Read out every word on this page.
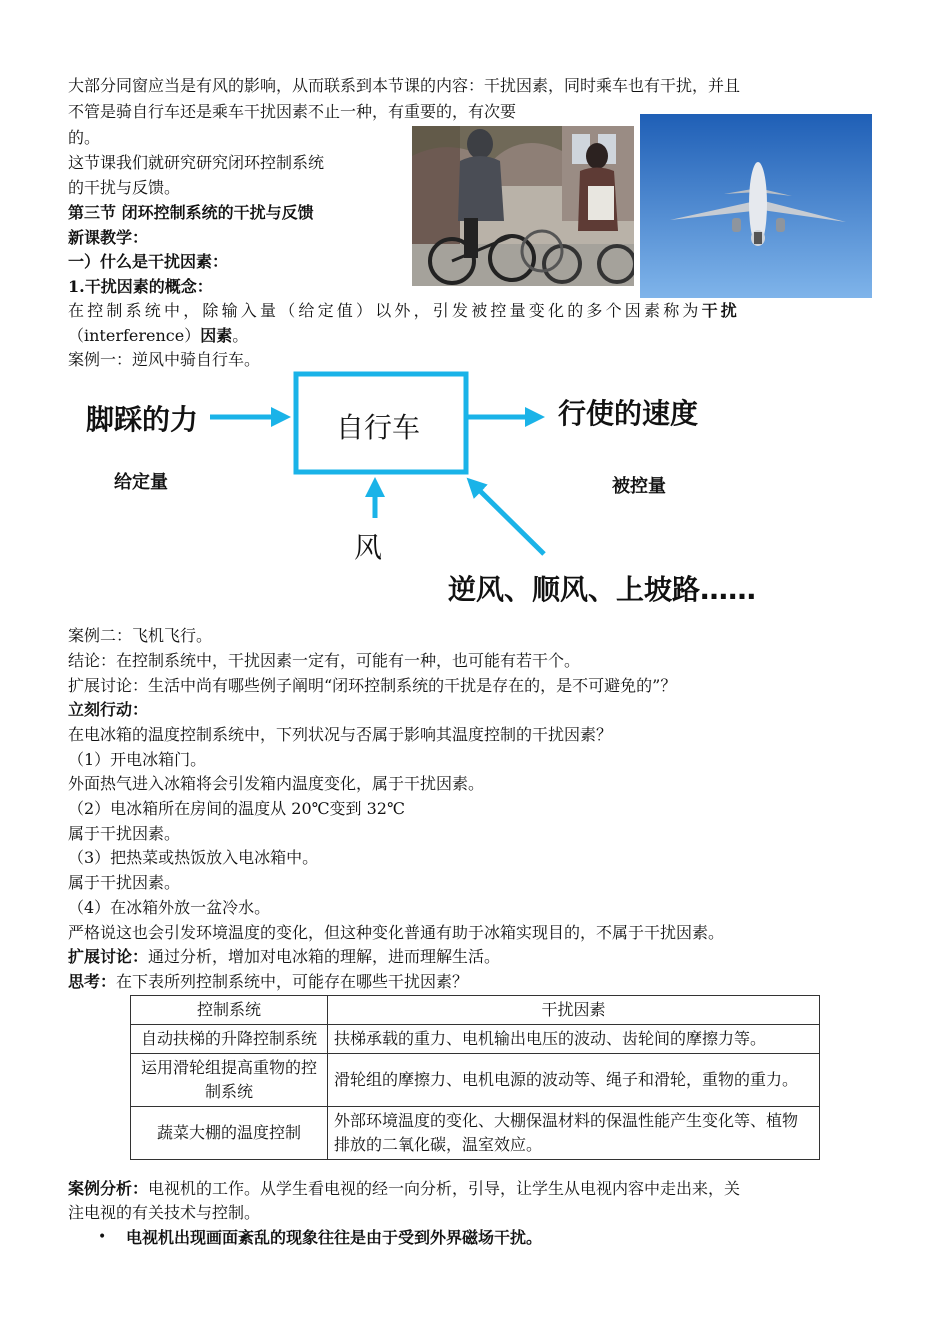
大部分同窗应当是有风的影响，从而联系到本节课的内容：干扰因素，同时乘车也有干扰，并且
不管是骑自行车还是乘车干扰因素不止一种，有重要的，有次要
的。
这节课我们就研究研究闭环控制系统
的干扰与反馈。
第三节 闭环控制系统的干扰与反馈
新课教学：
一）什么是干扰因素：
1.干扰因素的概念：
在控制系统中，除输入量（给定值）以外，引发被控量变化的多个因素称为干扰
（interference）因素。
案例一：逆风中骑自行车。
脚踩的力	自行车	行使的速度
给定量	被控量
风
逆风、顺风、上坡路……
案例二：飞机飞行。
结论：在控制系统中，干扰因素一定有，可能有一种，也可能有若干个。
扩展讨论：生活中尚有哪些例子阐明“闭环控制系统的干扰是存在的，是不可避免的”？
立刻行动：
在电冰箱的温度控制系统中，下列状况与否属于影响其温度控制的干扰因素？
（1）开电冰箱门。
外面热气进入冰箱将会引发箱内温度变化，属于干扰因素。
（2）电冰箱所在房间的温度从 20℃变到 32℃
属于干扰因素。
（3）把热菜或热饭放入电冰箱中。
属于干扰因素。
（4）在冰箱外放一盆冷水。
严格说这也会引发环境温度的变化，但这种变化普通有助于冰箱实现目的，不属于干扰因素。
扩展讨论：通过分析，增加对电冰箱的理解，进而理解生活。
思考：在下表所列控制系统中，可能存在哪些干扰因素？
控制系统	干扰因素
自动扶梯的升降控制系统	扶梯承载的重力、电机输出电压的波动、齿轮间的摩擦力等。
运用滑轮组提高重物的控制系统	滑轮组的摩擦力、电机电源的波动等、绳子和滑轮，重物的重力。
蔬菜大棚的温度控制	外部环境温度的变化、大棚保温材料的保温性能产生变化等、植物排放的二氧化碳，温室效应。
案例分析：电视机的工作。从学生看电视的经一向分析，引导，让学生从电视内容中走出来，关
注电视的有关技术与控制。
• 电视机出现画面紊乱的现象往往是由于受到外界磁场干扰。
